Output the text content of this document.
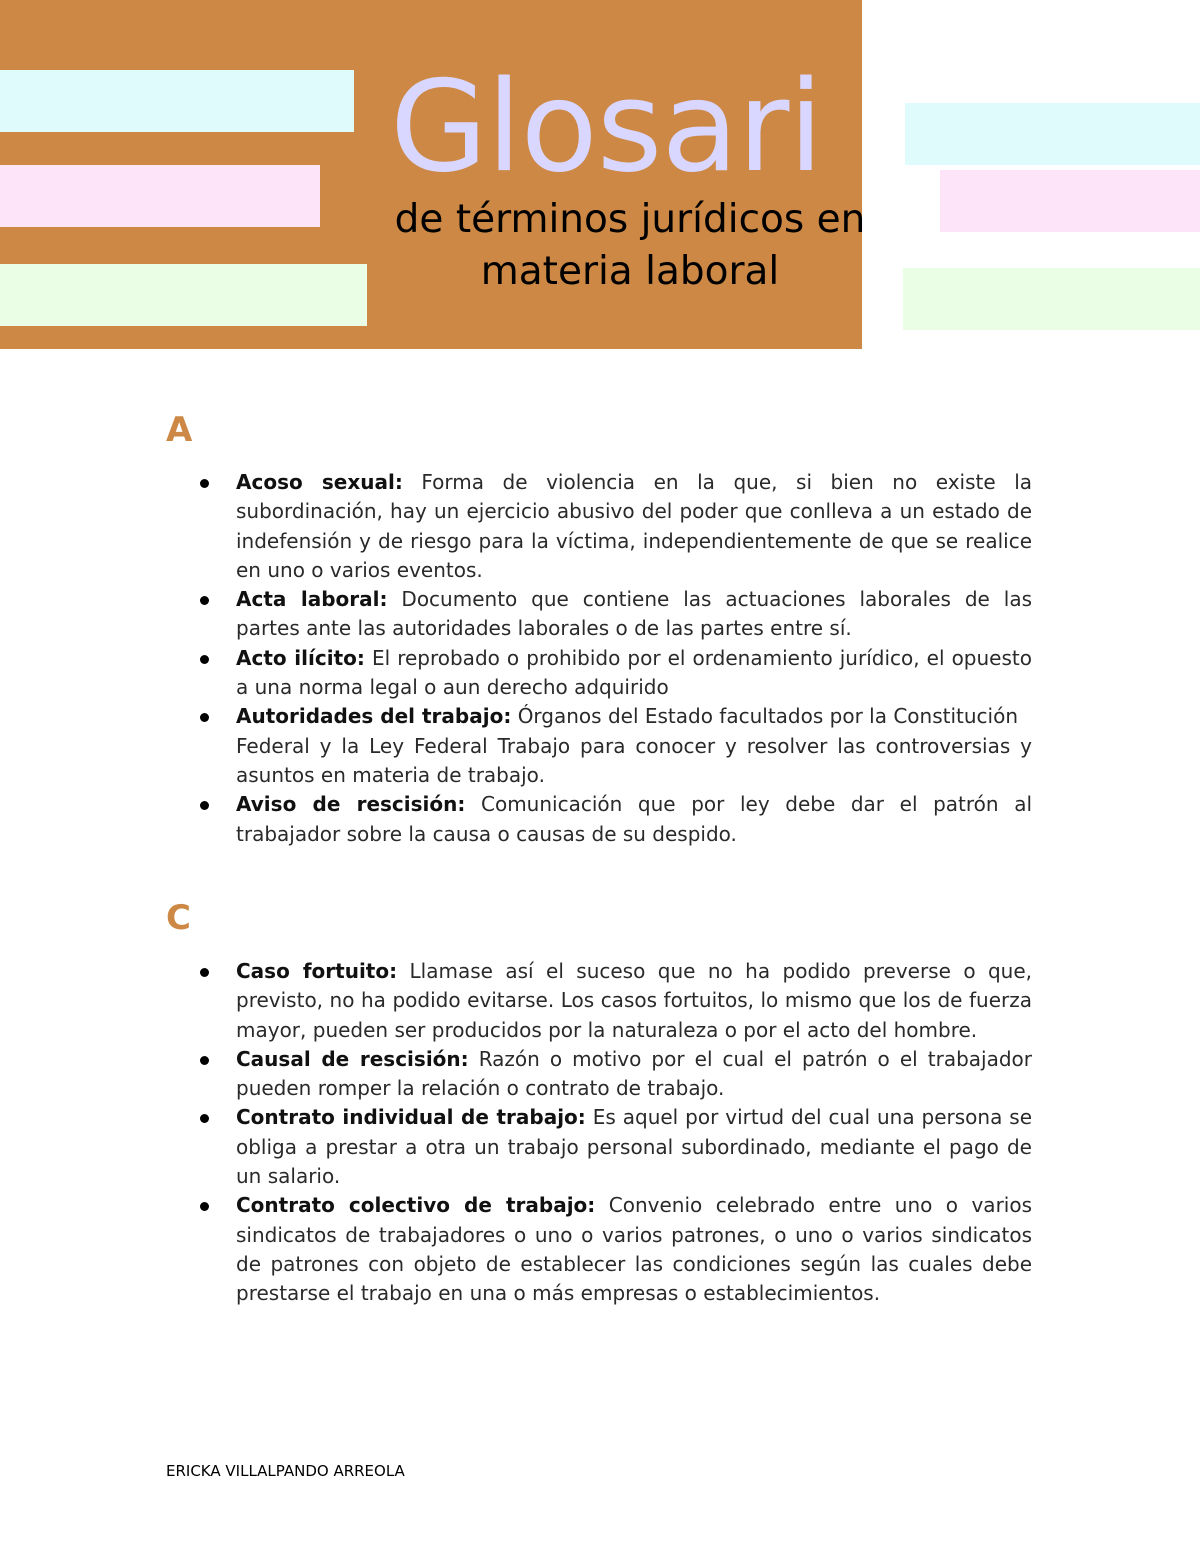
Glosari
de términos jurídicos en
materia laboral
A
Acoso sexual: Forma de violencia en la que, si bien no existe la subordinación, hay un ejercicio abusivo del poder que conlleva a un estado de indefensión y de riesgo para la víctima, independientemente de que se realice en uno o varios eventos.
Acta laboral: Documento que contiene las actuaciones laborales de las partes ante las autoridades laborales o de las partes entre sí.
Acto ilícito: El reprobado o prohibido por el ordenamiento jurídico, el opuesto a una norma legal o aun derecho adquirido
Autoridades del trabajo: Órganos del Estado facultados por la Constitución
Federal y la Ley Federal Trabajo para conocer y resolver las controversias y asuntos en materia de trabajo.
Aviso de rescisión: Comunicación que por ley debe dar el patrón al trabajador sobre la causa o causas de su despido.
C
Caso fortuito: Llamase así el suceso que no ha podido preverse o que, previsto, no ha podido evitarse. Los casos fortuitos, lo mismo que los de fuerza mayor, pueden ser producidos por la naturaleza o por el acto del hombre.
Causal de rescisión: Razón o motivo por el cual el patrón o el trabajador pueden romper la relación o contrato de trabajo.
Contrato individual de trabajo: Es aquel por virtud del cual una persona se obliga a prestar a otra un trabajo personal subordinado, mediante el pago de un salario.
Contrato colectivo de trabajo: Convenio celebrado entre uno o varios sindicatos de trabajadores o uno o varios patrones, o uno o varios sindicatos de patrones con objeto de establecer las condiciones según las cuales debe prestarse el trabajo en una o más empresas o establecimientos.
ERICKA VILLALPANDO ARREOLA
